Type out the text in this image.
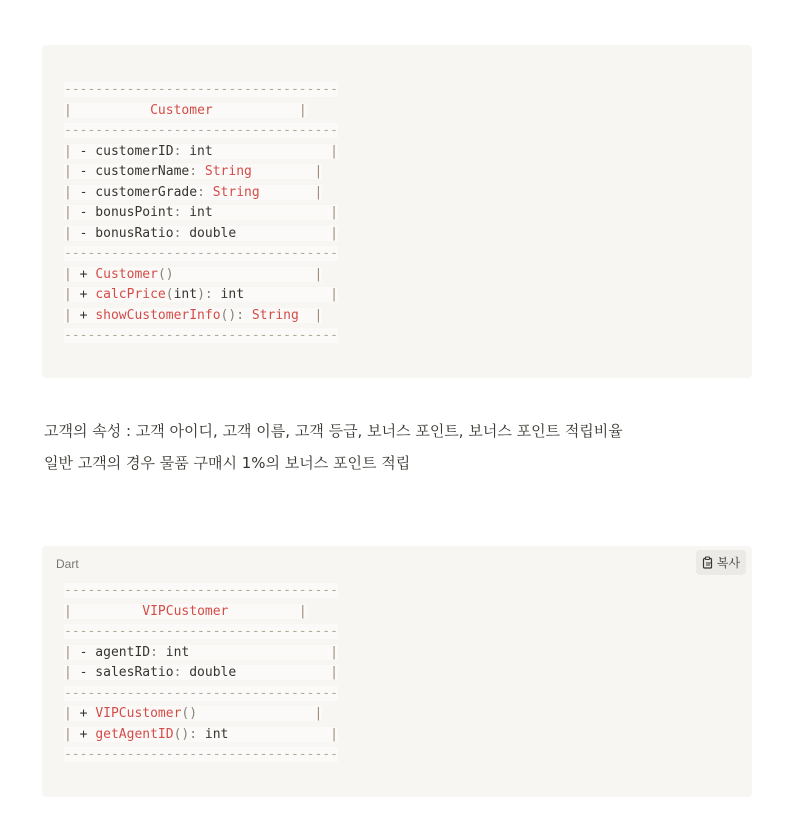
-----------------------------------
|	Customer	|
-----------------------------------
| - customerID: int               |
| - customerName: String	|
| - customerGrade: String	|
| - bonusPoint: int               |
| - bonusRatio: double            |
-----------------------------------
| + Customer()	|
| + calcPrice(int): int           |
| + showCustomerInfo(): String |
-----------------------------------
고객의 속성 : 고객 아이디, 고객 이름, 고객 등급, 보너스 포인트, 보너스 포인트 적립비율
일반 고객의 경우 물품 구매시 1%의 보너스 포인트 적립
Dart	복사
-----------------------------------
|	VIPCustomer	|
-----------------------------------
| - agentID: int                  |
| - salesRatio: double            |
-----------------------------------
| + VIPCustomer()	|
| + getAgentID(): int             |
-----------------------------------
